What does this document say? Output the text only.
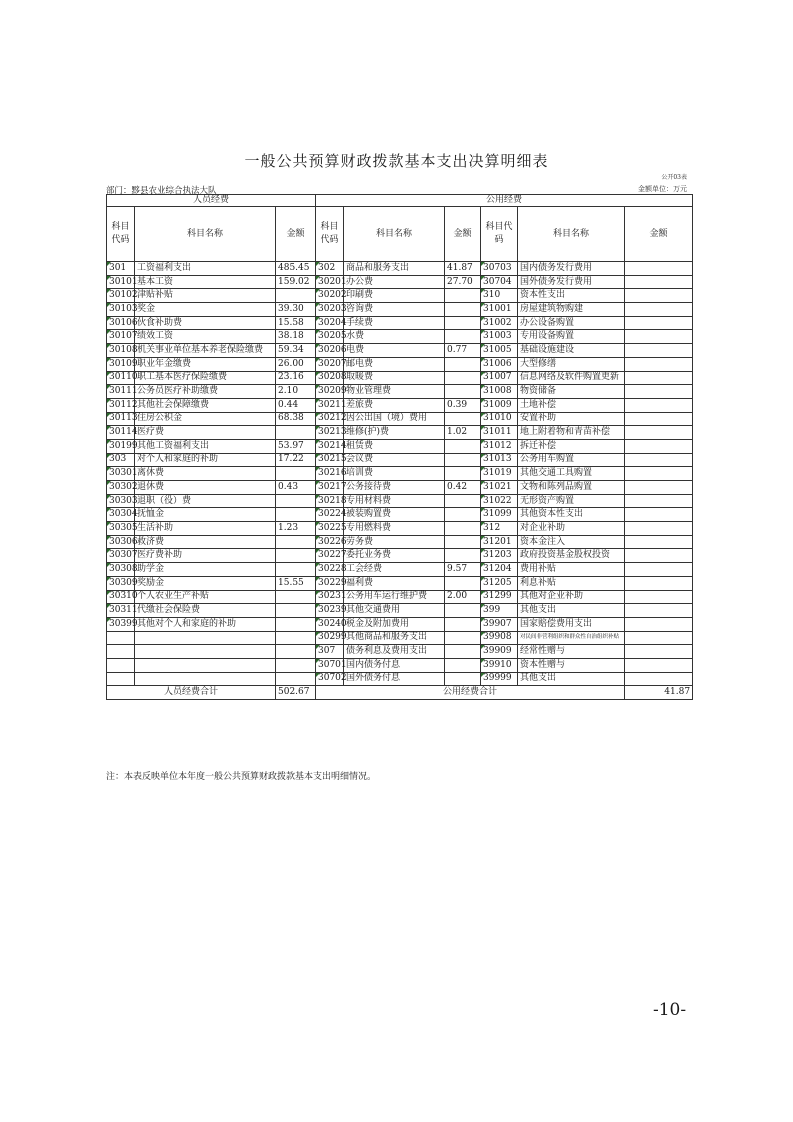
一般公共预算财政拨款基本支出决算明细表
公开03表
部门：黟县农业综合执法大队	金额单位：万元
人员经费			公用经费					
科目代码	科目名称	金额	科目代码	科目名称	金额	科目代码	科目名称	金额
301	工资福利支出	485.45	302	商品和服务支出	41.87	30703	国内债务发行费用	
30101	基本工资	159.02	30201	办公费	27.70	30704	国外债务发行费用	
30102	津贴补贴		30202	印刷费		310	资本性支出	
30103	奖金	39.30	30203	咨询费		31001	房屋建筑物购建	
30106	伙食补助费	15.58	30204	手续费		31002	办公设备购置	
30107	绩效工资	38.18	30205	水费		31003	专用设备购置	
30108	机关事业单位基本养老保险缴费	59.34	30206	电费	0.77	31005	基础设施建设	
30109	职业年金缴费	26.00	30207	邮电费		31006	大型修缮	
30110	职工基本医疗保险缴费	23.16	30208	取暖费		31007	信息网络及软件购置更新	
30111	公务员医疗补助缴费	2.10	30209	物业管理费		31008	物资储备	
30112	其他社会保障缴费	0.44	30211	差旅费	0.39	31009	土地补偿	
30113	住房公积金	68.38	30212	因公出国（境）费用		31010	安置补助	
30114	医疗费		30213	维修(护)费	1.02	31011	地上附着物和青苗补偿	
30199	其他工资福利支出	53.97	30214	租赁费		31012	拆迁补偿	
303	对个人和家庭的补助	17.22	30215	会议费		31013	公务用车购置	
30301	离休费		30216	培训费		31019	其他交通工具购置	
30302	退休费	0.43	30217	公务接待费	0.42	31021	文物和陈列品购置	
30303	退职（役）费		30218	专用材料费		31022	无形资产购置	
30304	抚恤金		30224	被装购置费		31099	其他资本性支出	
30305	生活补助	1.23	30225	专用燃料费		312	对企业补助	
30306	救济费		30226	劳务费		31201	资本金注入	
30307	医疗费补助		30227	委托业务费		31203	政府投资基金股权投资	
30308	助学金		30228	工会经费	9.57	31204	费用补贴	
30309	奖励金	15.55	30229	福利费		31205	利息补贴	
30310	个人农业生产补贴		30231	公务用车运行维护费	2.00	31299	其他对企业补助	
30311	代缴社会保险费		30239	其他交通费用		399	其他支出	
30399	其他对个人和家庭的补助		30240	税金及附加费用		39907	国家赔偿费用支出	
			30299	其他商品和服务支出		39908	对民间非营利组织和群众性自治组织补贴	
			307	债务利息及费用支出		39909	经常性赠与	
			30701	国内债务付息		39910	资本性赠与	
			30702	国外债务付息		39999	其他支出	
人员经费合计		502.67	公用经费合计					41.87
注：本表反映单位本年度一般公共预算财政拨款基本支出明细情况。
-10-
